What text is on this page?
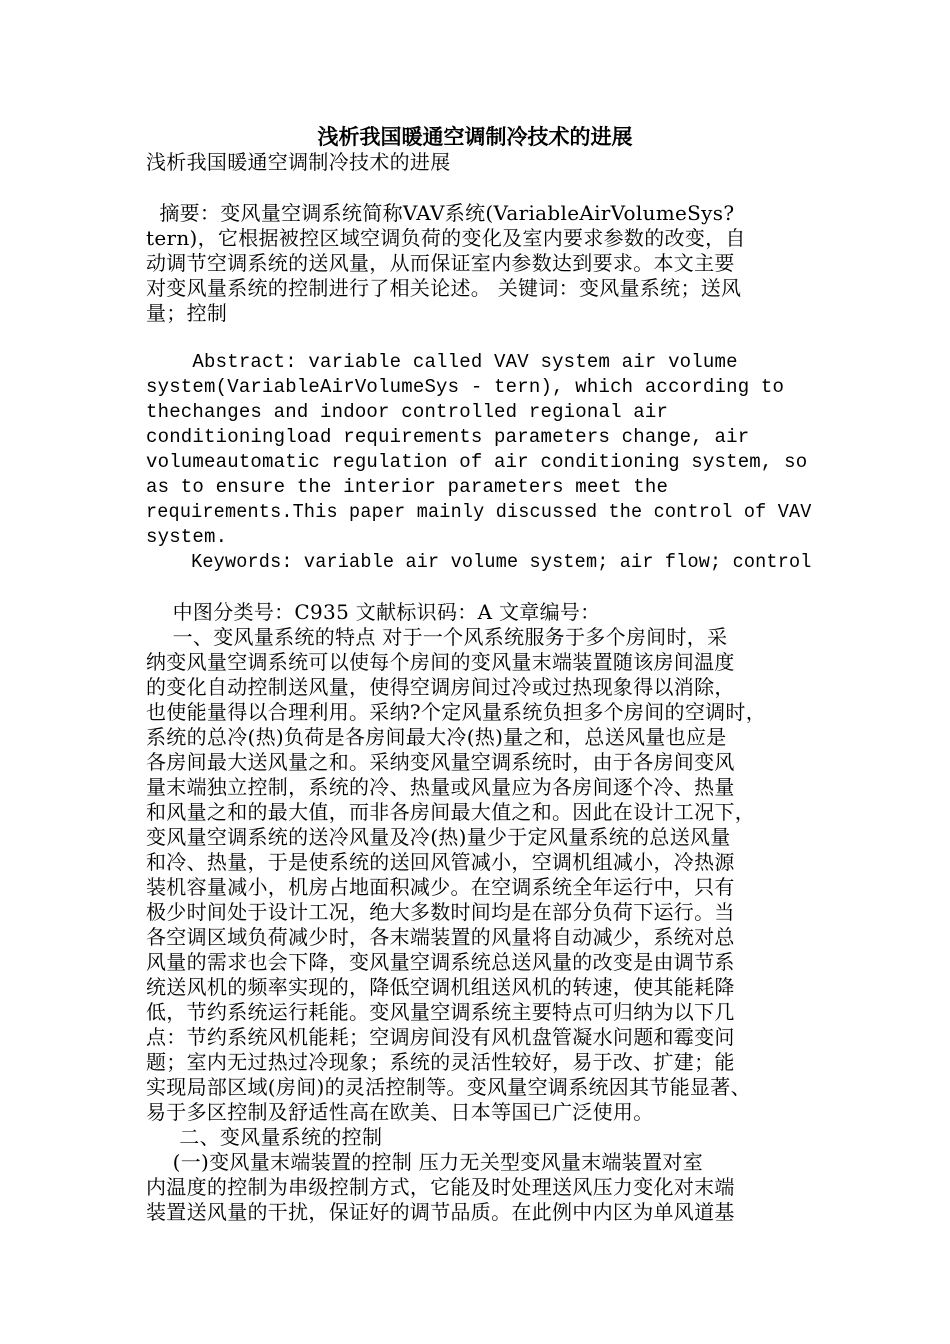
浅析我国暖通空调制冷技术的进展
浅析我国暖通空调制冷技术的进展
摘要：变风量空调系统简称VAV系统(VariableAirVolumeSys?
tern)，它根据被控区域空调负荷的变化及室内要求参数的改变，自
动调节空调系统的送风量，从而保证室内参数达到要求。本文主要
对变风量系统的控制进行了相关论述。 关键词：变风量系统；送风
量；控制
Abstract: variable called VAV system air volume
system(VariableAirVolumeSys - tern), which according to
thechanges and indoor controlled regional air
conditioningload requirements parameters change, air
volumeautomatic regulation of air conditioning system, so
as to ensure the interior parameters meet the
requirements.This paper mainly discussed the control of VAV
system.
Keywords: variable air volume system; air flow; control
中图分类号：C935 文献标识码：A 文章编号：
一、变风量系统的特点 对于一个风系统服务于多个房间时，采
纳变风量空调系统可以使每个房间的变风量末端装置随该房间温度
的变化自动控制送风量，使得空调房间过冷或过热现象得以消除，
也使能量得以合理利用。采纳?个定风量系统负担多个房间的空调时，
系统的总冷(热)负荷是各房间最大冷(热)量之和，总送风量也应是
各房间最大送风量之和。采纳变风量空调系统时，由于各房间变风
量末端独立控制，系统的冷、热量或风量应为各房间逐个冷、热量
和风量之和的最大值，而非各房间最大值之和。因此在设计工况下，
变风量空调系统的送冷风量及冷(热)量少于定风量系统的总送风量
和冷、热量，于是使系统的送回风管减小，空调机组减小，冷热源
装机容量减小，机房占地面积减少。在空调系统全年运行中，只有
极少时间处于设计工况，绝大多数时间均是在部分负荷下运行。当
各空调区域负荷减少时，各末端装置的风量将自动减少，系统对总
风量的需求也会下降，变风量空调系统总送风量的改变是由调节系
统送风机的频率实现的，降低空调机组送风机的转速，使其能耗降
低，节约系统运行耗能。变风量空调系统主要特点可归纳为以下几
点：节约系统风机能耗；空调房间没有风机盘管凝水问题和霉变问
题；室内无过热过冷现象；系统的灵活性较好，易于改、扩建；能
实现局部区域(房间)的灵活控制等。变风量空调系统因其节能显著、
易于多区控制及舒适性高在欧美、日本等国已广泛使用。
二、变风量系统的控制
(一)变风量末端装置的控制 压力无关型变风量末端装置对室
内温度的控制为串级控制方式，它能及时处理送风压力变化对末端
装置送风量的干扰，保证好的调节品质。在此例中内区为单风道基
